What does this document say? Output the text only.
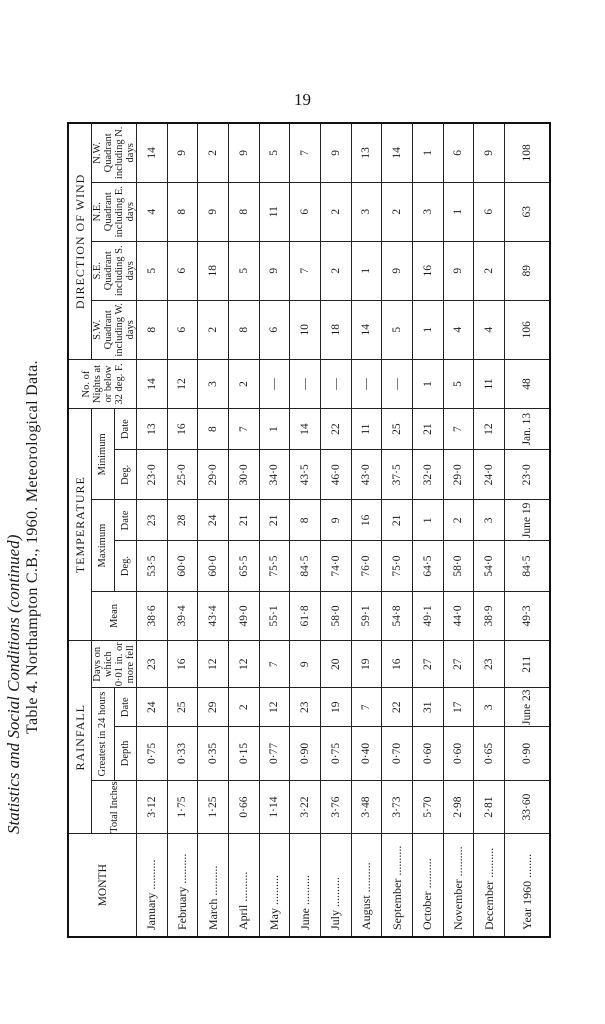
19
Statistics and Social Conditions (continued) Table 4. Northampton C.B., 1960. Meteorological Data.
MONTH	RAINFALL				TEMPERATURE					No. of Nights at or below 32 deg. F.	DIRECTION OF WIND			
	Total Inches	Greatest in 24 hours		Days on which 0·01 in. or more fell	Mean	Maximum		Minimum			S.W. Quadrant including W. days	S.E. Quadrant including S. days	N.E. Quadrant including E. days	N.W. Quadrant including N. days
		Depth	Date			Deg.	Date	Deg.	Date					
January ..........	3·12	0·75	24	23	38·6	53·5	23	23·0	13	14	8	5	4	14
February ..........	1·75	0·33	25	16	39·4	60·0	28	25·0	16	12	6	6	8	9
March ..........	1·25	0·35	29	12	43·4	60·0	24	29·0	8	3	2	18	9	2
April ..........	0·66	0·15	2	12	49·0	65·5	21	30·0	7	2	8	5	8	9
May ..........	1·14	0·77	12	7	55·1	75·5	21	34·0	1	—	6	9	11	5
June ..........	3·22	0·90	23	9	61·8	84·5	8	43·5	14	—	10	7	6	7
July ..........	3·76	0·75	19	20	58·0	74·0	9	46·0	22	—	18	2	2	9
August ..........	3·48	0·40	7	19	59·1	76·0	16	43·0	11	—	14	1	3	13
September ..........	3·73	0·70	22	16	54·8	75·0	21	37·5	25	—	5	9	2	14
October ..........	5·70	0·60	31	27	49·1	64·5	1	32·0	21	1	1	16	3	1
November ..........	2·98	0·60	17	27	44·0	58·0	2	29·0	7	5	4	9	1	6
December ..........	2·81	0·65	3	23	38·9	54·0	3	24·0	12	11	4	2	6	9
Year 1960 ........	33·60	0·90	June 23	211	49·3	84·5	June 19	23·0	Jan. 13	48	106	89	63	108
